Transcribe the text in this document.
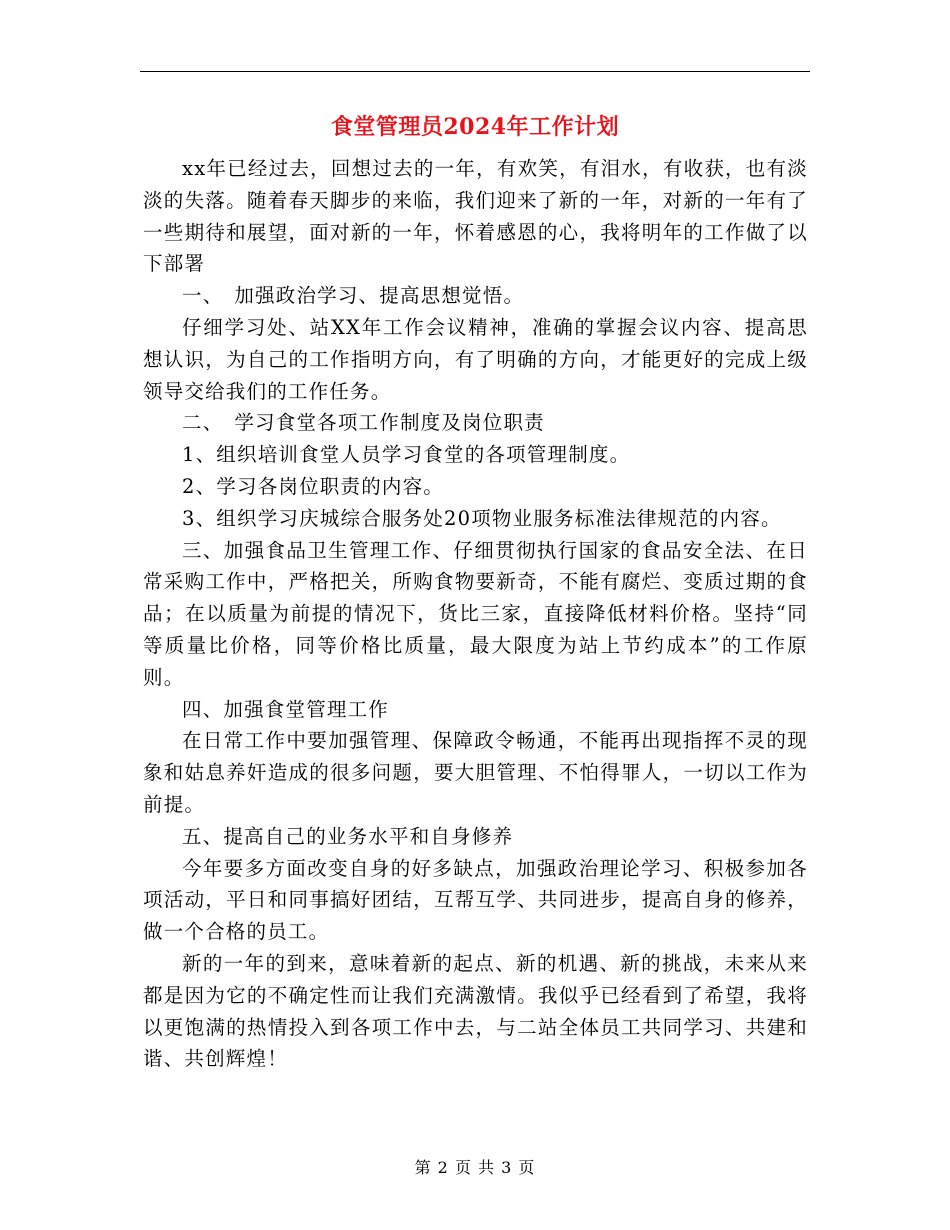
食堂管理员2024年工作计划

xx年已经过去，回想过去的一年，有欢笑，有泪水，有收获，也有淡淡的失落。随着春天脚步的来临，我们迎来了新的一年，对新的一年有了一些期待和展望，面对新的一年，怀着感恩的心，我将明年的工作做了以下部署

一、　加强政治学习、提高思想觉悟。

仔细学习处、站XX年工作会议精神，准确的掌握会议内容、提高思想认识，为自己的工作指明方向，有了明确的方向，才能更好的完成上级领导交给我们的工作任务。

二、　学习食堂各项工作制度及岗位职责

1、组织培训食堂人员学习食堂的各项管理制度。

2、学习各岗位职责的内容。

3、组织学习庆城综合服务处20项物业服务标准法律规范的内容。

三、加强食品卫生管理工作、仔细贯彻执行国家的食品安全法、在日常采购工作中，严格把关，所购食物要新奇，不能有腐烂、变质过期的食品；在以质量为前提的情况下，货比三家，直接降低材料价格。坚持“同等质量比价格，同等价格比质量，最大限度为站上节约成本”的工作原则。

四、加强食堂管理工作

在日常工作中要加强管理、保障政令畅通，不能再出现指挥不灵的现象和姑息养奸造成的很多问题，要大胆管理、不怕得罪人，一切以工作为前提。

五、提高自己的业务水平和自身修养

今年要多方面改变自身的好多缺点，加强政治理论学习、积极参加各项活动，平日和同事搞好团结，互帮互学、共同进步，提高自身的修养，做一个合格的员工。

新的一年的到来，意味着新的起点、新的机遇、新的挑战，未来从来都是因为它的不确定性而让我们充满激情。我似乎已经看到了希望，我将以更饱满的热情投入到各项工作中去，与二站全体员工共同学习、共建和谐、共创辉煌！

第 2 页 共 3 页
